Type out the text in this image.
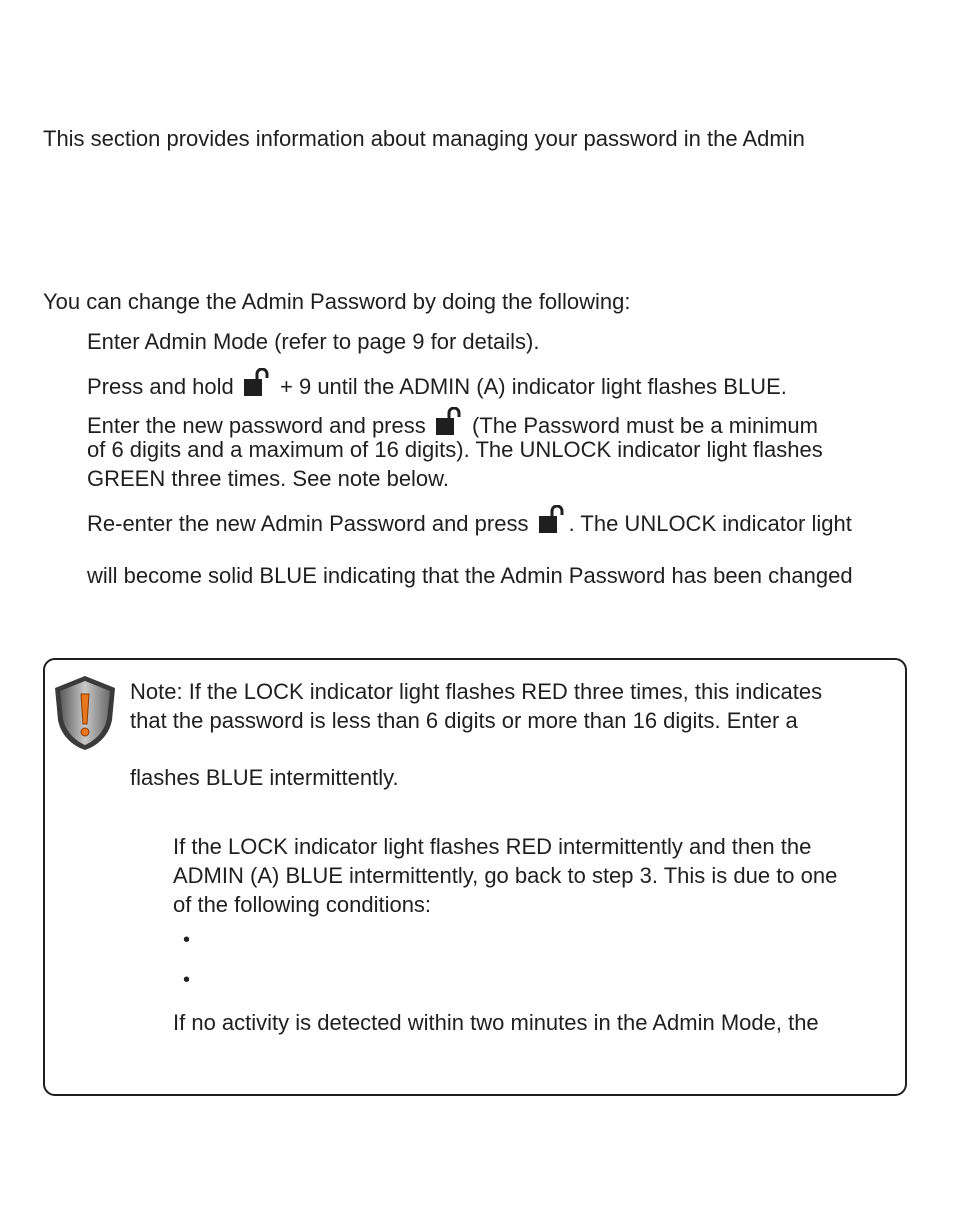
This section provides information about managing your password in the Admin
You can change the Admin Password by doing the following:
Enter Admin Mode (refer to page 9 for details).
Press and hold + 9 until the ADMIN (A) indicator light flashes BLUE.
Enter the new password and press (The Password must be a minimum
of 6 digits and a maximum of 16 digits). The UNLOCK indicator light flashes
GREEN three times. See note below.
Re-enter the new Admin Password and press . The UNLOCK indicator light
will become solid BLUE indicating that the Admin Password has been changed
Note: If the LOCK indicator light flashes RED three times, this indicates
that the password is less than 6 digits or more than 16 digits. Enter a
flashes BLUE intermittently.
If the LOCK indicator light flashes RED intermittently and then the
ADMIN (A) BLUE intermittently, go back to step 3. This is due to one
of the following conditions:
•
•
If no activity is detected within two minutes in the Admin Mode, the
